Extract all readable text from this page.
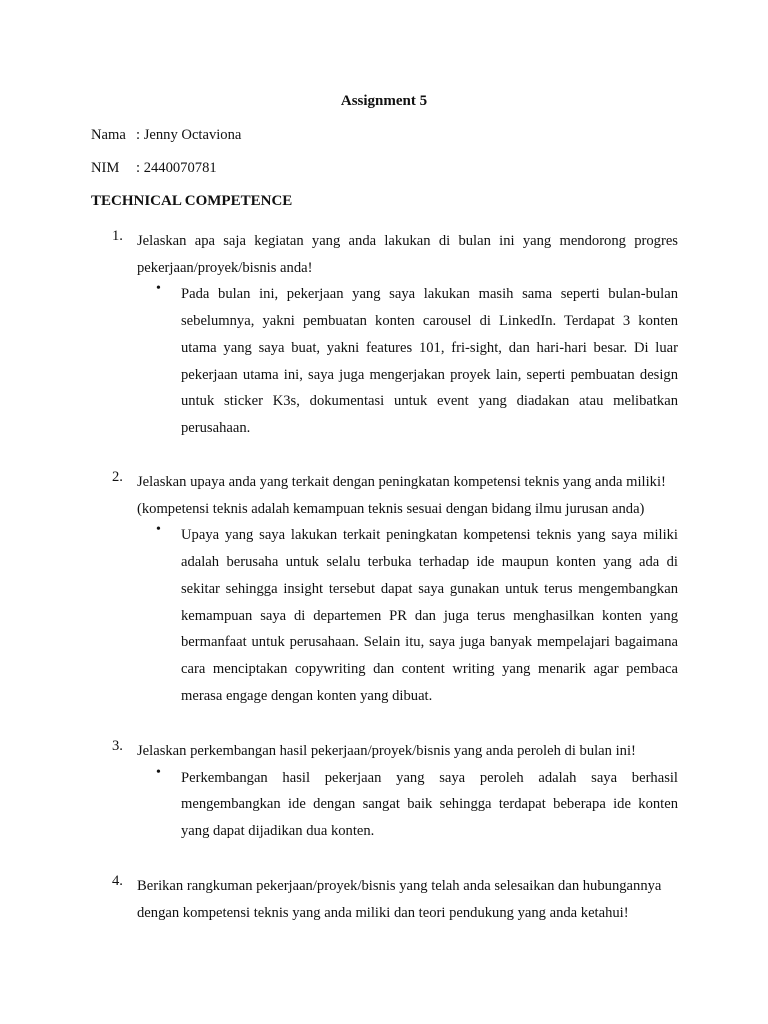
Assignment 5
Nama : Jenny Octaviona
NIM : 2440070781
TECHNICAL COMPETENCE
1. Jelaskan apa saja kegiatan yang anda lakukan di bulan ini yang mendorong progres
pekerjaan/proyek/bisnis anda!
• Pada bulan ini, pekerjaan yang saya lakukan masih sama seperti bulan-bulan
sebelumnya, yakni pembuatan konten carousel di LinkedIn. Terdapat 3 konten
utama yang saya buat, yakni features 101, fri-sight, dan hari-hari besar. Di luar
pekerjaan utama ini, saya juga mengerjakan proyek lain, seperti pembuatan design
untuk sticker K3s, dokumentasi untuk event yang diadakan atau melibatkan
perusahaan.
2. Jelaskan upaya anda yang terkait dengan peningkatan kompetensi teknis yang anda miliki!
(kompetensi teknis adalah kemampuan teknis sesuai dengan bidang ilmu jurusan anda)
• Upaya yang saya lakukan terkait peningkatan kompetensi teknis yang saya miliki
adalah berusaha untuk selalu terbuka terhadap ide maupun konten yang ada di
sekitar sehingga insight tersebut dapat saya gunakan untuk terus mengembangkan
kemampuan saya di departemen PR dan juga terus menghasilkan konten yang
bermanfaat untuk perusahaan. Selain itu, saya juga banyak mempelajari bagaimana
cara menciptakan copywriting dan content writing yang menarik agar pembaca
merasa engage dengan konten yang dibuat.
3. Jelaskan perkembangan hasil pekerjaan/proyek/bisnis yang anda peroleh di bulan ini!
• Perkembangan hasil pekerjaan yang saya peroleh adalah saya berhasil
mengembangkan ide dengan sangat baik sehingga terdapat beberapa ide konten
yang dapat dijadikan dua konten.
4. Berikan rangkuman pekerjaan/proyek/bisnis yang telah anda selesaikan dan hubungannya
dengan kompetensi teknis yang anda miliki dan teori pendukung yang anda ketahui!
